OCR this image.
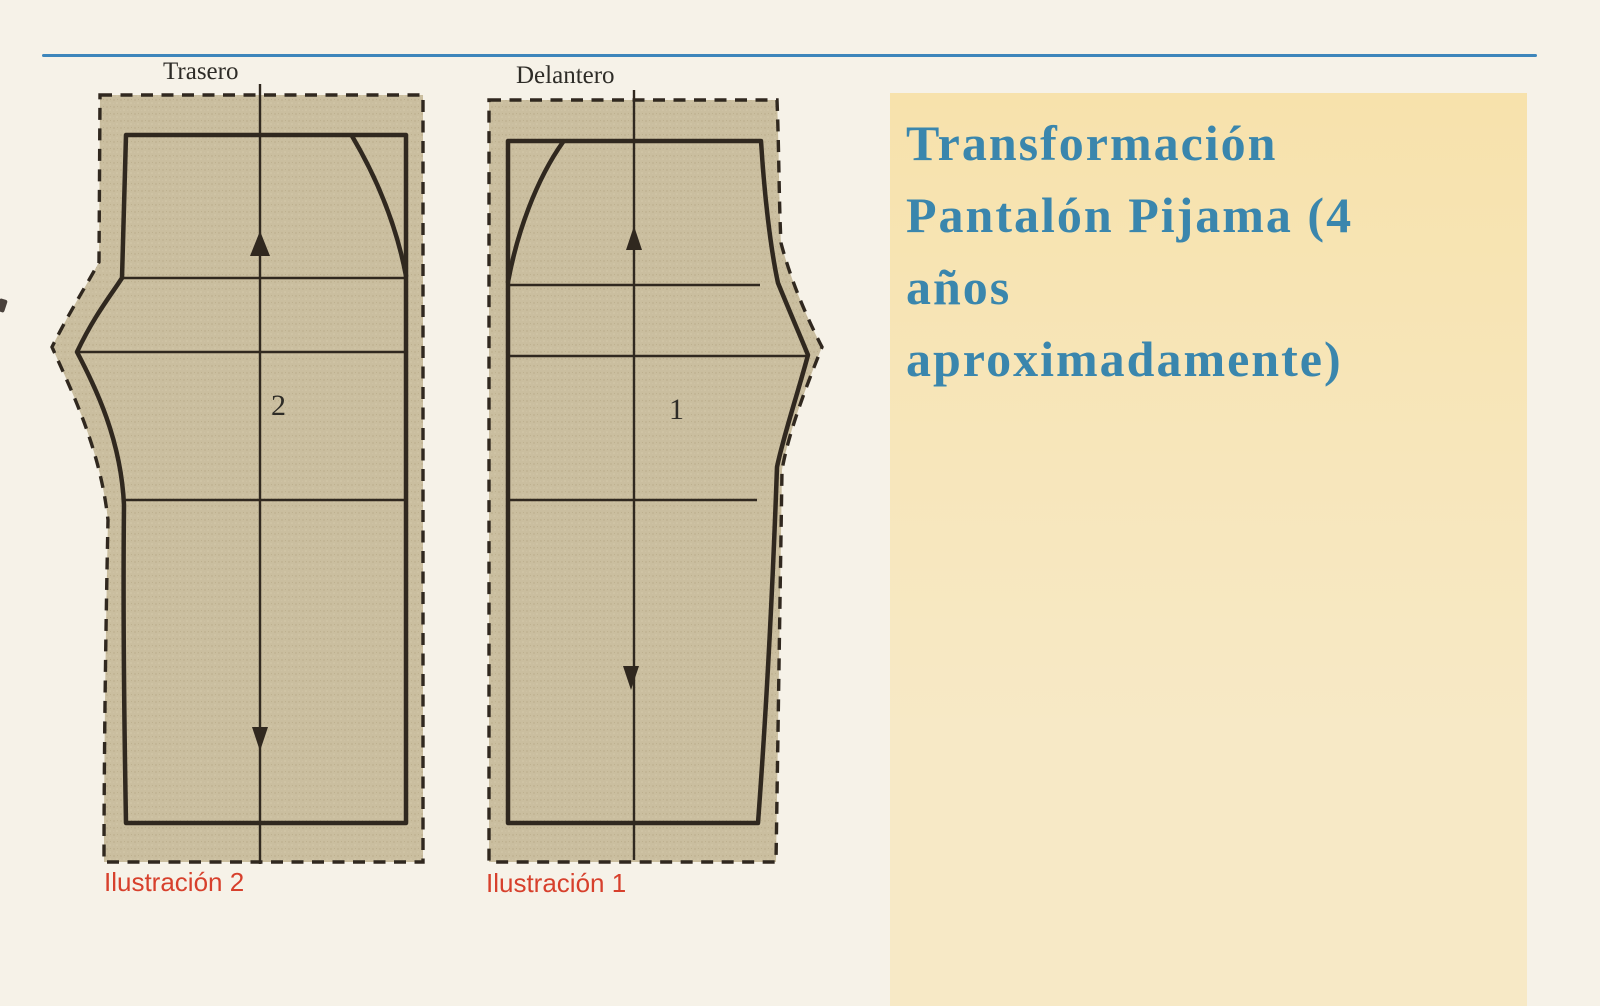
Trasero	Delantero
2	1
Ilustración 2	Ilustración 1
Transformación
Pantalón Pijama (4
años
aproximadamente)
